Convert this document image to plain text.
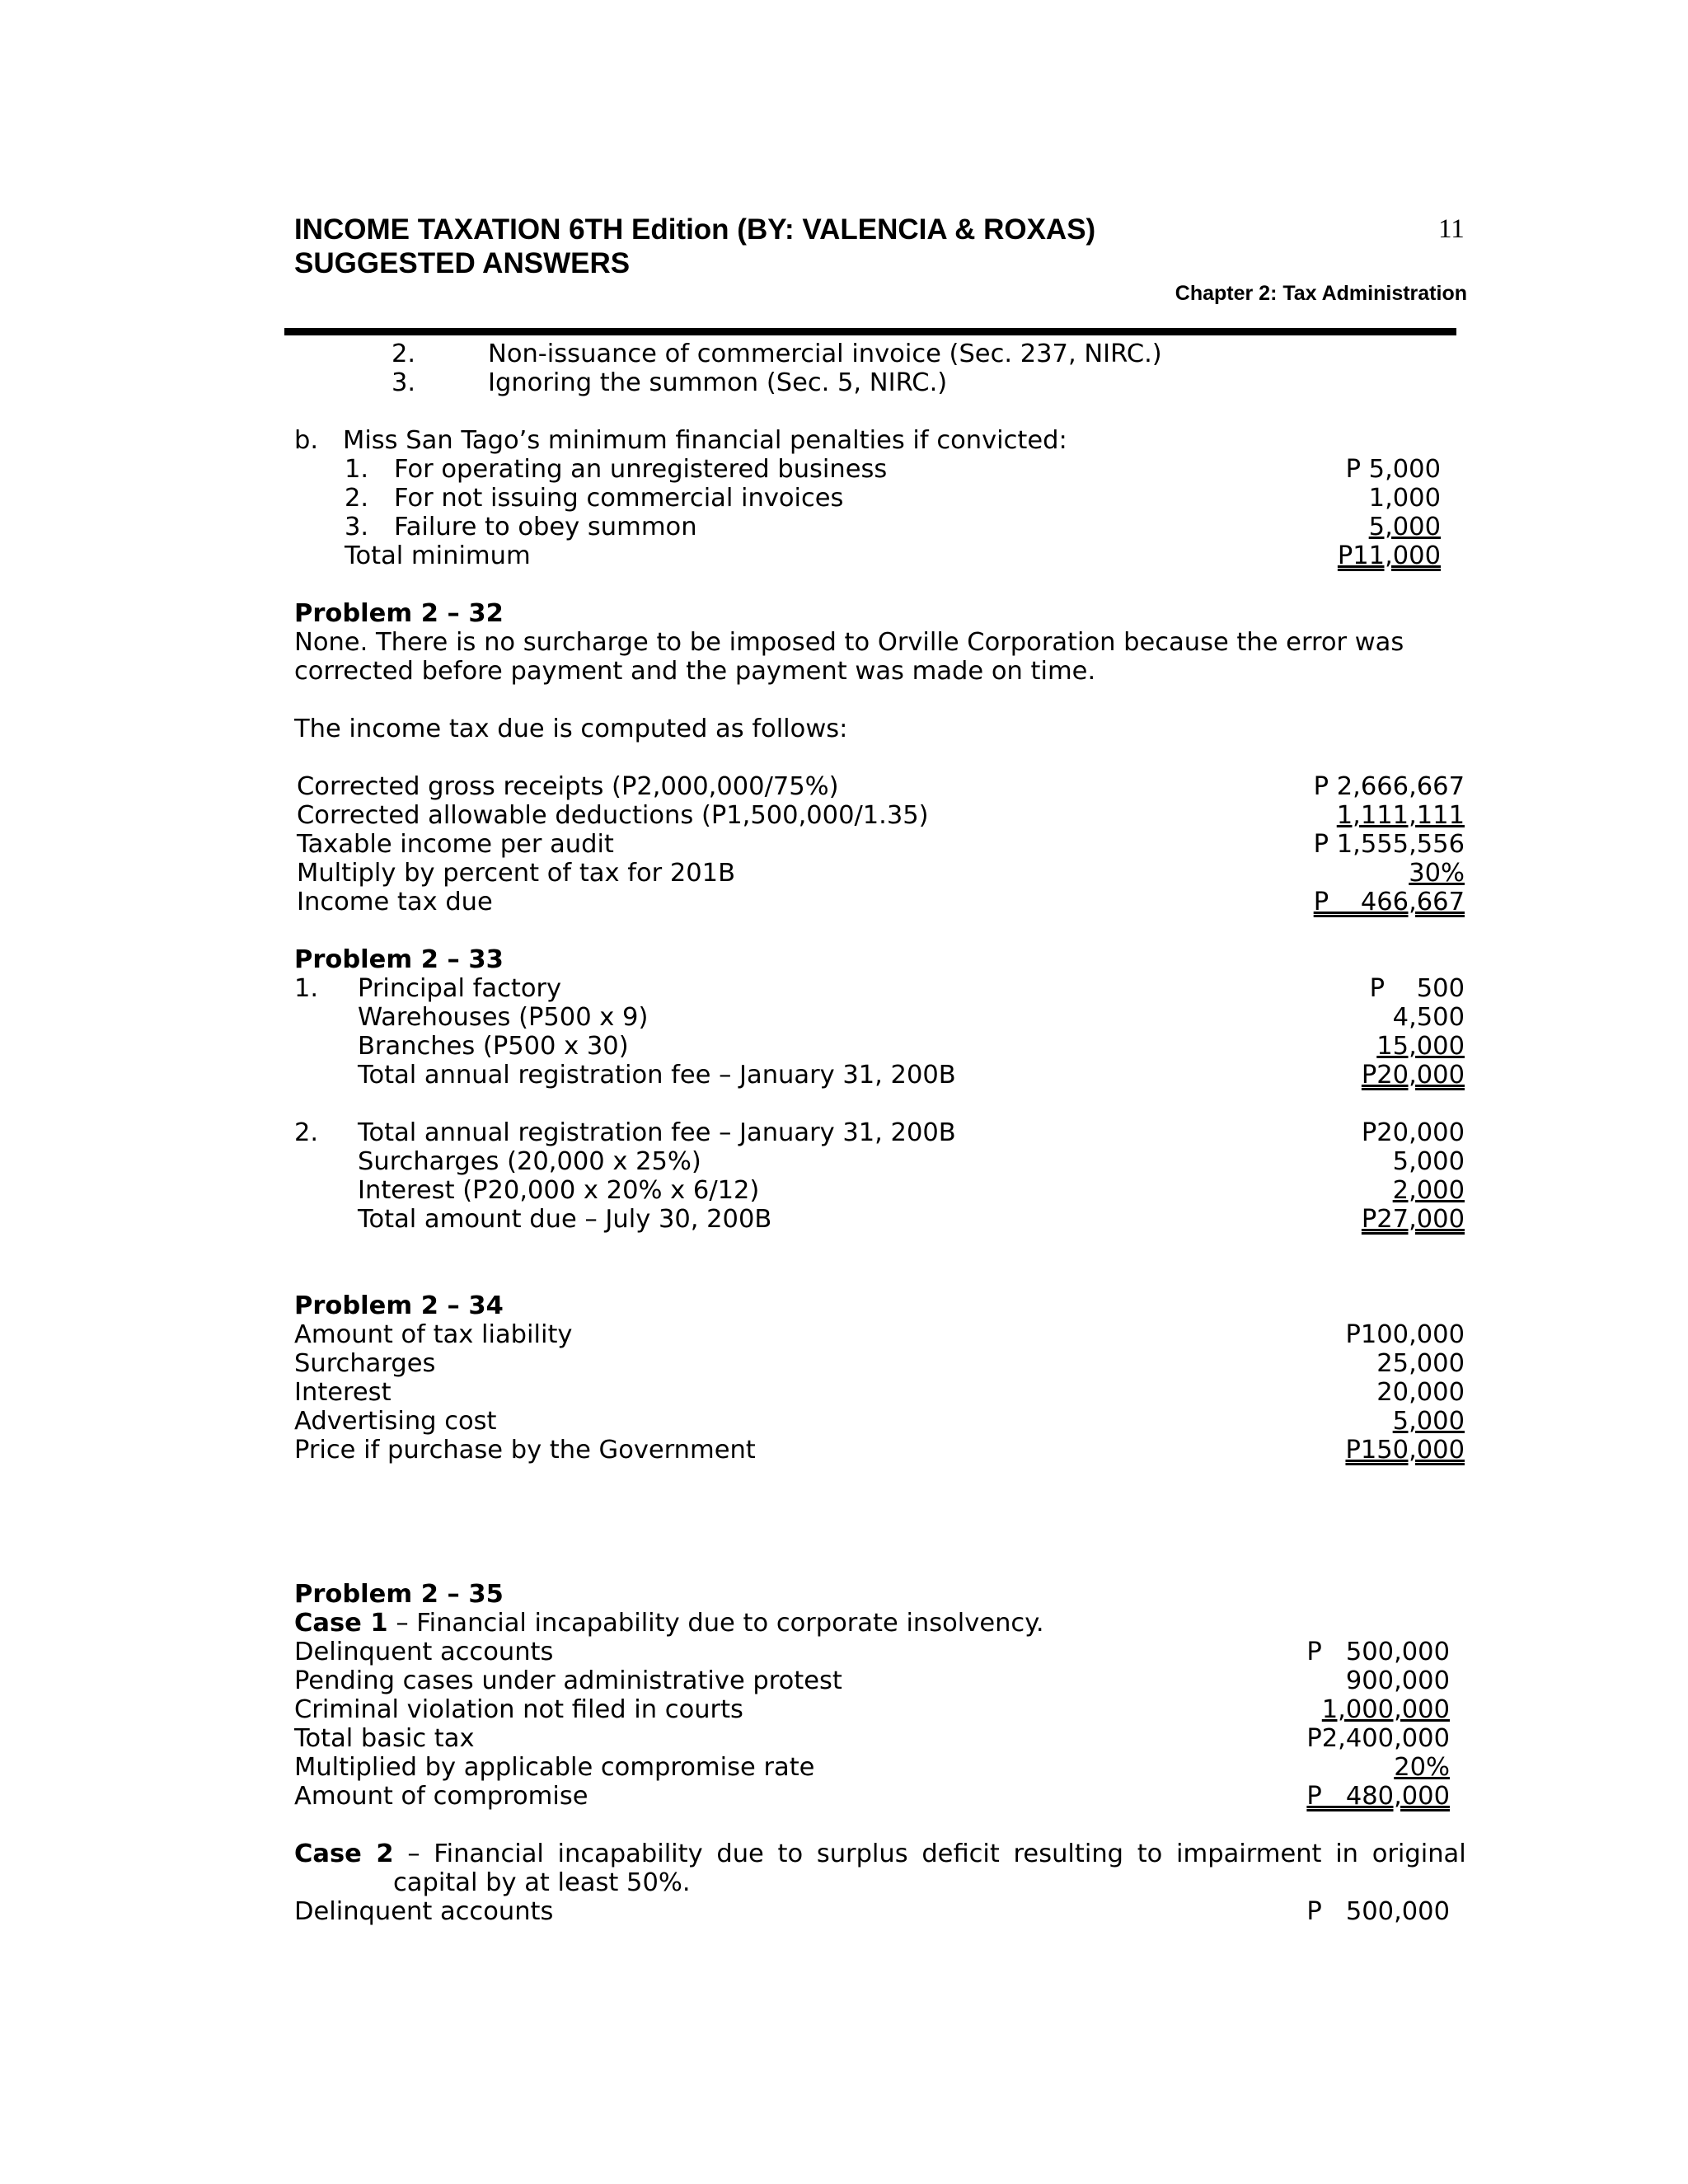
INCOME TAXATION 6TH Edition (BY: VALENCIA & ROXAS)
SUGGESTED ANSWERS
11
Chapter 2: Tax Administration
2.	Non-issuance of commercial invoice (Sec. 237, NIRC.)
3.	Ignoring the summon (Sec. 5, NIRC.)
b. Miss San Tago’s minimum financial penalties if convicted:
1. For operating an unregistered business	P 5,000
2. For not issuing commercial invoices	1,000
3. Failure to obey summon	5,000
Total minimum	P11,000
Problem 2 – 32
None. There is no surcharge to be imposed to Orville Corporation because the error was
corrected before payment and the payment was made on time.
The income tax due is computed as follows:
Corrected gross receipts (P2,000,000/75%)	P 2,666,667
Corrected allowable deductions (P1,500,000/1.35)	1,111,111
Taxable income per audit	P 1,555,556
Multiply by percent of tax for 201B	30%
Income tax due	P    466,667
Problem 2 – 33
1. Principal factory	P    500
Warehouses (P500 x 9)	4,500
Branches (P500 x 30)	15,000
Total annual registration fee – January 31, 200B	P20,000
2. Total annual registration fee – January 31, 200B	P20,000
Surcharges (20,000 x 25%)	5,000
Interest (P20,000 x 20% x 6/12)	2,000
Total amount due – July 30, 200B	P27,000
Problem 2 – 34
Amount of tax liability	P100,000
Surcharges	25,000
Interest	20,000
Advertising cost	5,000
Price if purchase by the Government	P150,000
Problem 2 – 35
Case 1 – Financial incapability due to corporate insolvency.
Delinquent accounts	P   500,000
Pending cases under administrative protest	900,000
Criminal violation not filed in courts	1,000,000
Total basic tax	P2,400,000
Multiplied by applicable compromise rate	20%
Amount of compromise	P   480,000
Case 2 – Financial incapability due to surplus deficit resulting to impairment in original
capital by at least 50%.
Delinquent accounts	P   500,000
